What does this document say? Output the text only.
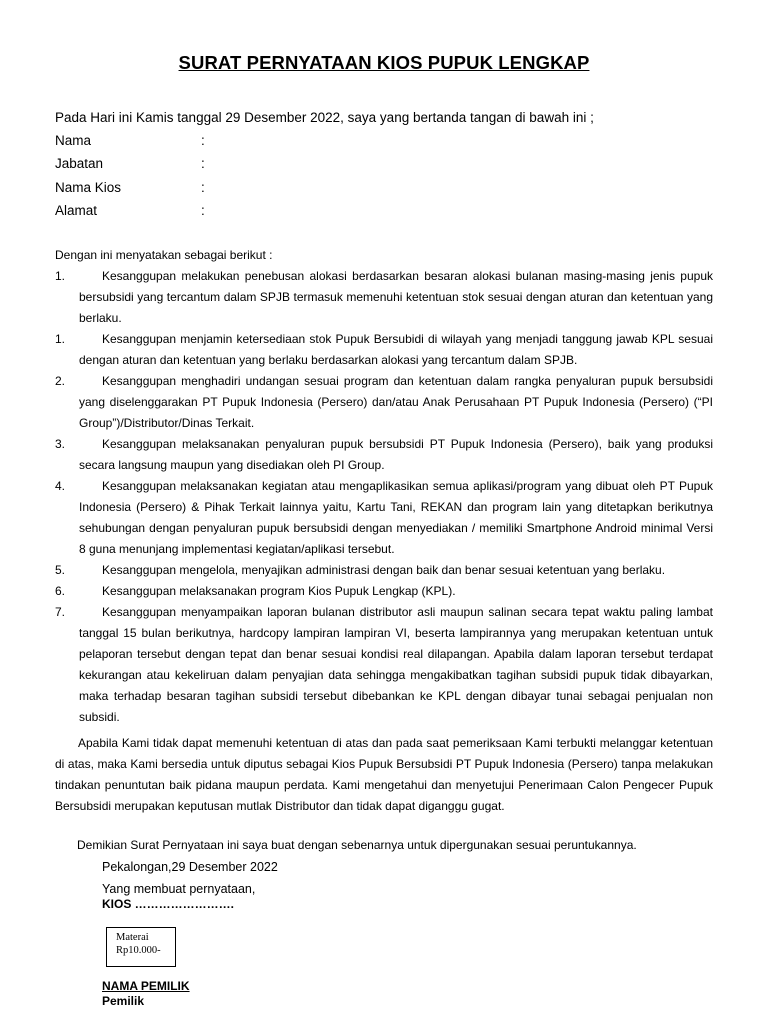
SURAT PERNYATAAN KIOS PUPUK LENGKAP
Pada Hari ini Kamis tanggal 29 Desember 2022, saya yang bertanda tangan di bawah ini ;
Nama	:
Jabatan	:
Nama Kios	:
Alamat	:
Dengan ini menyatakan sebagai berikut :
1.	Kesanggupan melakukan penebusan alokasi berdasarkan besaran alokasi bulanan masing-masing jenis pupuk bersubsidi yang tercantum dalam SPJB termasuk memenuhi ketentuan stok sesuai dengan aturan dan ketentuan yang berlaku.
1.	Kesanggupan menjamin ketersediaan stok Pupuk Bersubidi di wilayah yang menjadi tanggung jawab KPL sesuai dengan aturan dan ketentuan yang berlaku berdasarkan alokasi yang tercantum dalam SPJB.
2.	Kesanggupan menghadiri undangan sesuai program dan ketentuan dalam rangka penyaluran pupuk bersubsidi yang diselenggarakan PT Pupuk Indonesia (Persero) dan/atau Anak Perusahaan PT Pupuk Indonesia (Persero) (“PI Group”)/Distributor/Dinas Terkait.
3.	Kesanggupan melaksanakan penyaluran pupuk bersubsidi PT Pupuk Indonesia (Persero), baik yang produksi secara langsung maupun yang disediakan oleh PI Group.
4.	Kesanggupan melaksanakan kegiatan atau mengaplikasikan semua aplikasi/program yang dibuat oleh PT Pupuk Indonesia (Persero) & Pihak Terkait lainnya yaitu, Kartu Tani, REKAN dan program lain yang ditetapkan berikutnya sehubungan dengan penyaluran pupuk bersubsidi dengan menyediakan / memiliki Smartphone Android minimal Versi 8 guna menunjang implementasi kegiatan/aplikasi tersebut.
5.	Kesanggupan mengelola, menyajikan administrasi dengan baik dan benar sesuai ketentuan yang berlaku.
6.	Kesanggupan melaksanakan program Kios Pupuk Lengkap (KPL).
7.	Kesanggupan menyampaikan laporan bulanan distributor asli maupun salinan secara tepat waktu paling lambat tanggal 15 bulan berikutnya, hardcopy lampiran lampiran VI, beserta lampirannya yang merupakan ketentuan untuk pelaporan tersebut dengan tepat dan benar sesuai kondisi real dilapangan. Apabila dalam laporan tersebut terdapat kekurangan atau kekeliruan dalam penyajian data sehingga mengakibatkan tagihan subsidi pupuk tidak dibayarkan, maka terhadap besaran tagihan subsidi tersebut dibebankan ke KPL dengan dibayar tunai sebagai penjualan non subsidi.
Apabila Kami tidak dapat memenuhi ketentuan di atas dan pada saat pemeriksaan Kami terbukti melanggar ketentuan di atas, maka Kami bersedia untuk diputus sebagai Kios Pupuk Bersubsidi PT Pupuk Indonesia (Persero) tanpa melakukan tindakan penuntutan baik pidana maupun perdata. Kami mengetahui dan menyetujui Penerimaan Calon Pengecer Pupuk Bersubsidi merupakan keputusan mutlak Distributor dan tidak dapat diganggu gugat.
Demikian Surat Pernyataan ini saya buat dengan sebenarnya untuk dipergunakan sesuai peruntukannya.
Pekalongan,29 Desember 2022
Yang membuat pernyataan,
KIOS …………………….
Materai
Rp10.000-
NAMA PEMILIK
Pemilik
